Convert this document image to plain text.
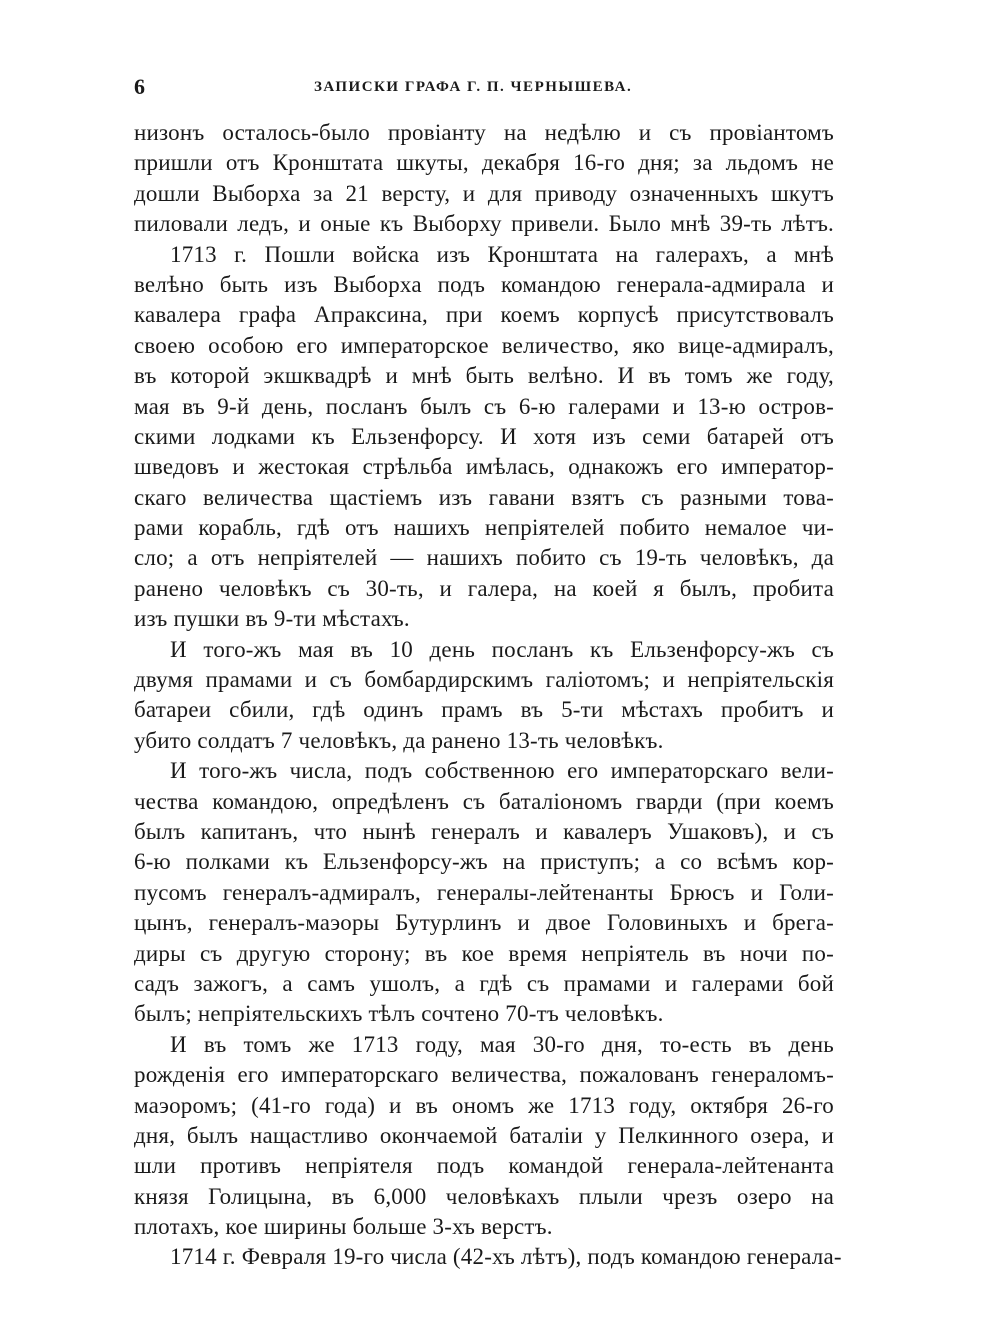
6	ЗАПИСКИ ГРАФА Г. П. ЧЕРНЫШЕВА.
низонъ осталось-было провіанту на недѣлю и съ провіантомъ
пришли отъ Кронштата шкуты, декабря 16-го дня; за льдомъ не
дошли Выборха за 21 версту, и для приводу означенныхъ шкутъ
пиловали ледъ, и оные къ Выборху привели. Было мнѣ 39-ть лѣтъ.
1713 г. Пошли войска изъ Кронштата на галерахъ, а мнѣ
велѣно быть изъ Выборха подъ командою генерала-адмирала и
кавалера графа Апраксина, при коемъ корпусѣ присутствовалъ
своею особою его императорское величество, яко вице-адмиралъ,
въ которой экшквадрѣ и мнѣ быть велѣно. И въ томъ же году,
мая въ 9-й день, посланъ былъ съ 6-ю галерами и 13-ю остров-
скими лодками къ Ельзенфорсу. И хотя изъ семи батарей отъ
шведовъ и жестокая стрѣльба имѣлась, однакожъ его император-
скаго величества щастіемъ изъ гавани взятъ съ разными това-
рами корабль, гдѣ отъ нашихъ непріятелей побито немалое чи-
сло; а отъ непріятелей — нашихъ побито съ 19-ть человѣкъ, да
ранено человѣкъ съ 30-ть, и галера, на коей я былъ, пробита
изъ пушки въ 9-ти мѣстахъ.
И того-жъ мая въ 10 день посланъ къ Ельзенфорсу-жъ съ
двумя прамами и съ бомбардирскимъ галіотомъ; и непріятельскія
батареи сбили, гдѣ одинъ прамъ въ 5-ти мѣстахъ пробитъ и
убито солдатъ 7 человѣкъ, да ранено 13-ть человѣкъ.
И того-жъ числа, подъ собственною его императорскаго вели-
чества командою, опредѣленъ съ баталіономъ гварди (при коемъ
былъ капитанъ, что нынѣ генералъ и кавалеръ Ушаковъ), и съ
6-ю полками къ Ельзенфорсу-жъ на приступъ; а со всѣмъ кор-
пусомъ генералъ-адмиралъ, генералы-лейтенанты Брюсъ и Голи-
цынъ, генералъ-маэоры Бутурлинъ и двое Головиныхъ и брега-
диры съ другую сторону; въ кое время непріятель въ ночи по-
садъ зажогъ, а самъ ушолъ, а гдѣ съ прамами и галерами бой
былъ; непріятельскихъ тѣлъ сочтено 70-тъ человѣкъ.
И въ томъ же 1713 году, мая 30-го дня, то-есть въ день
рожденія его императорскаго величества, пожалованъ генераломъ-
маэоромъ; (41-го года) и въ ономъ же 1713 году, октября 26-го
дня, былъ нащастливо окончаемой баталіи у Пелкинного озера, и
шли противъ непріятеля подъ командой генерала-лейтенанта
князя Голицына, въ 6,000 человѣкахъ плыли чрезъ озеро на
плотахъ, кое ширины больше 3-хъ верстъ.
1714 г. Февраля 19-го числа (42-хъ лѣтъ), подъ командою генерала-
